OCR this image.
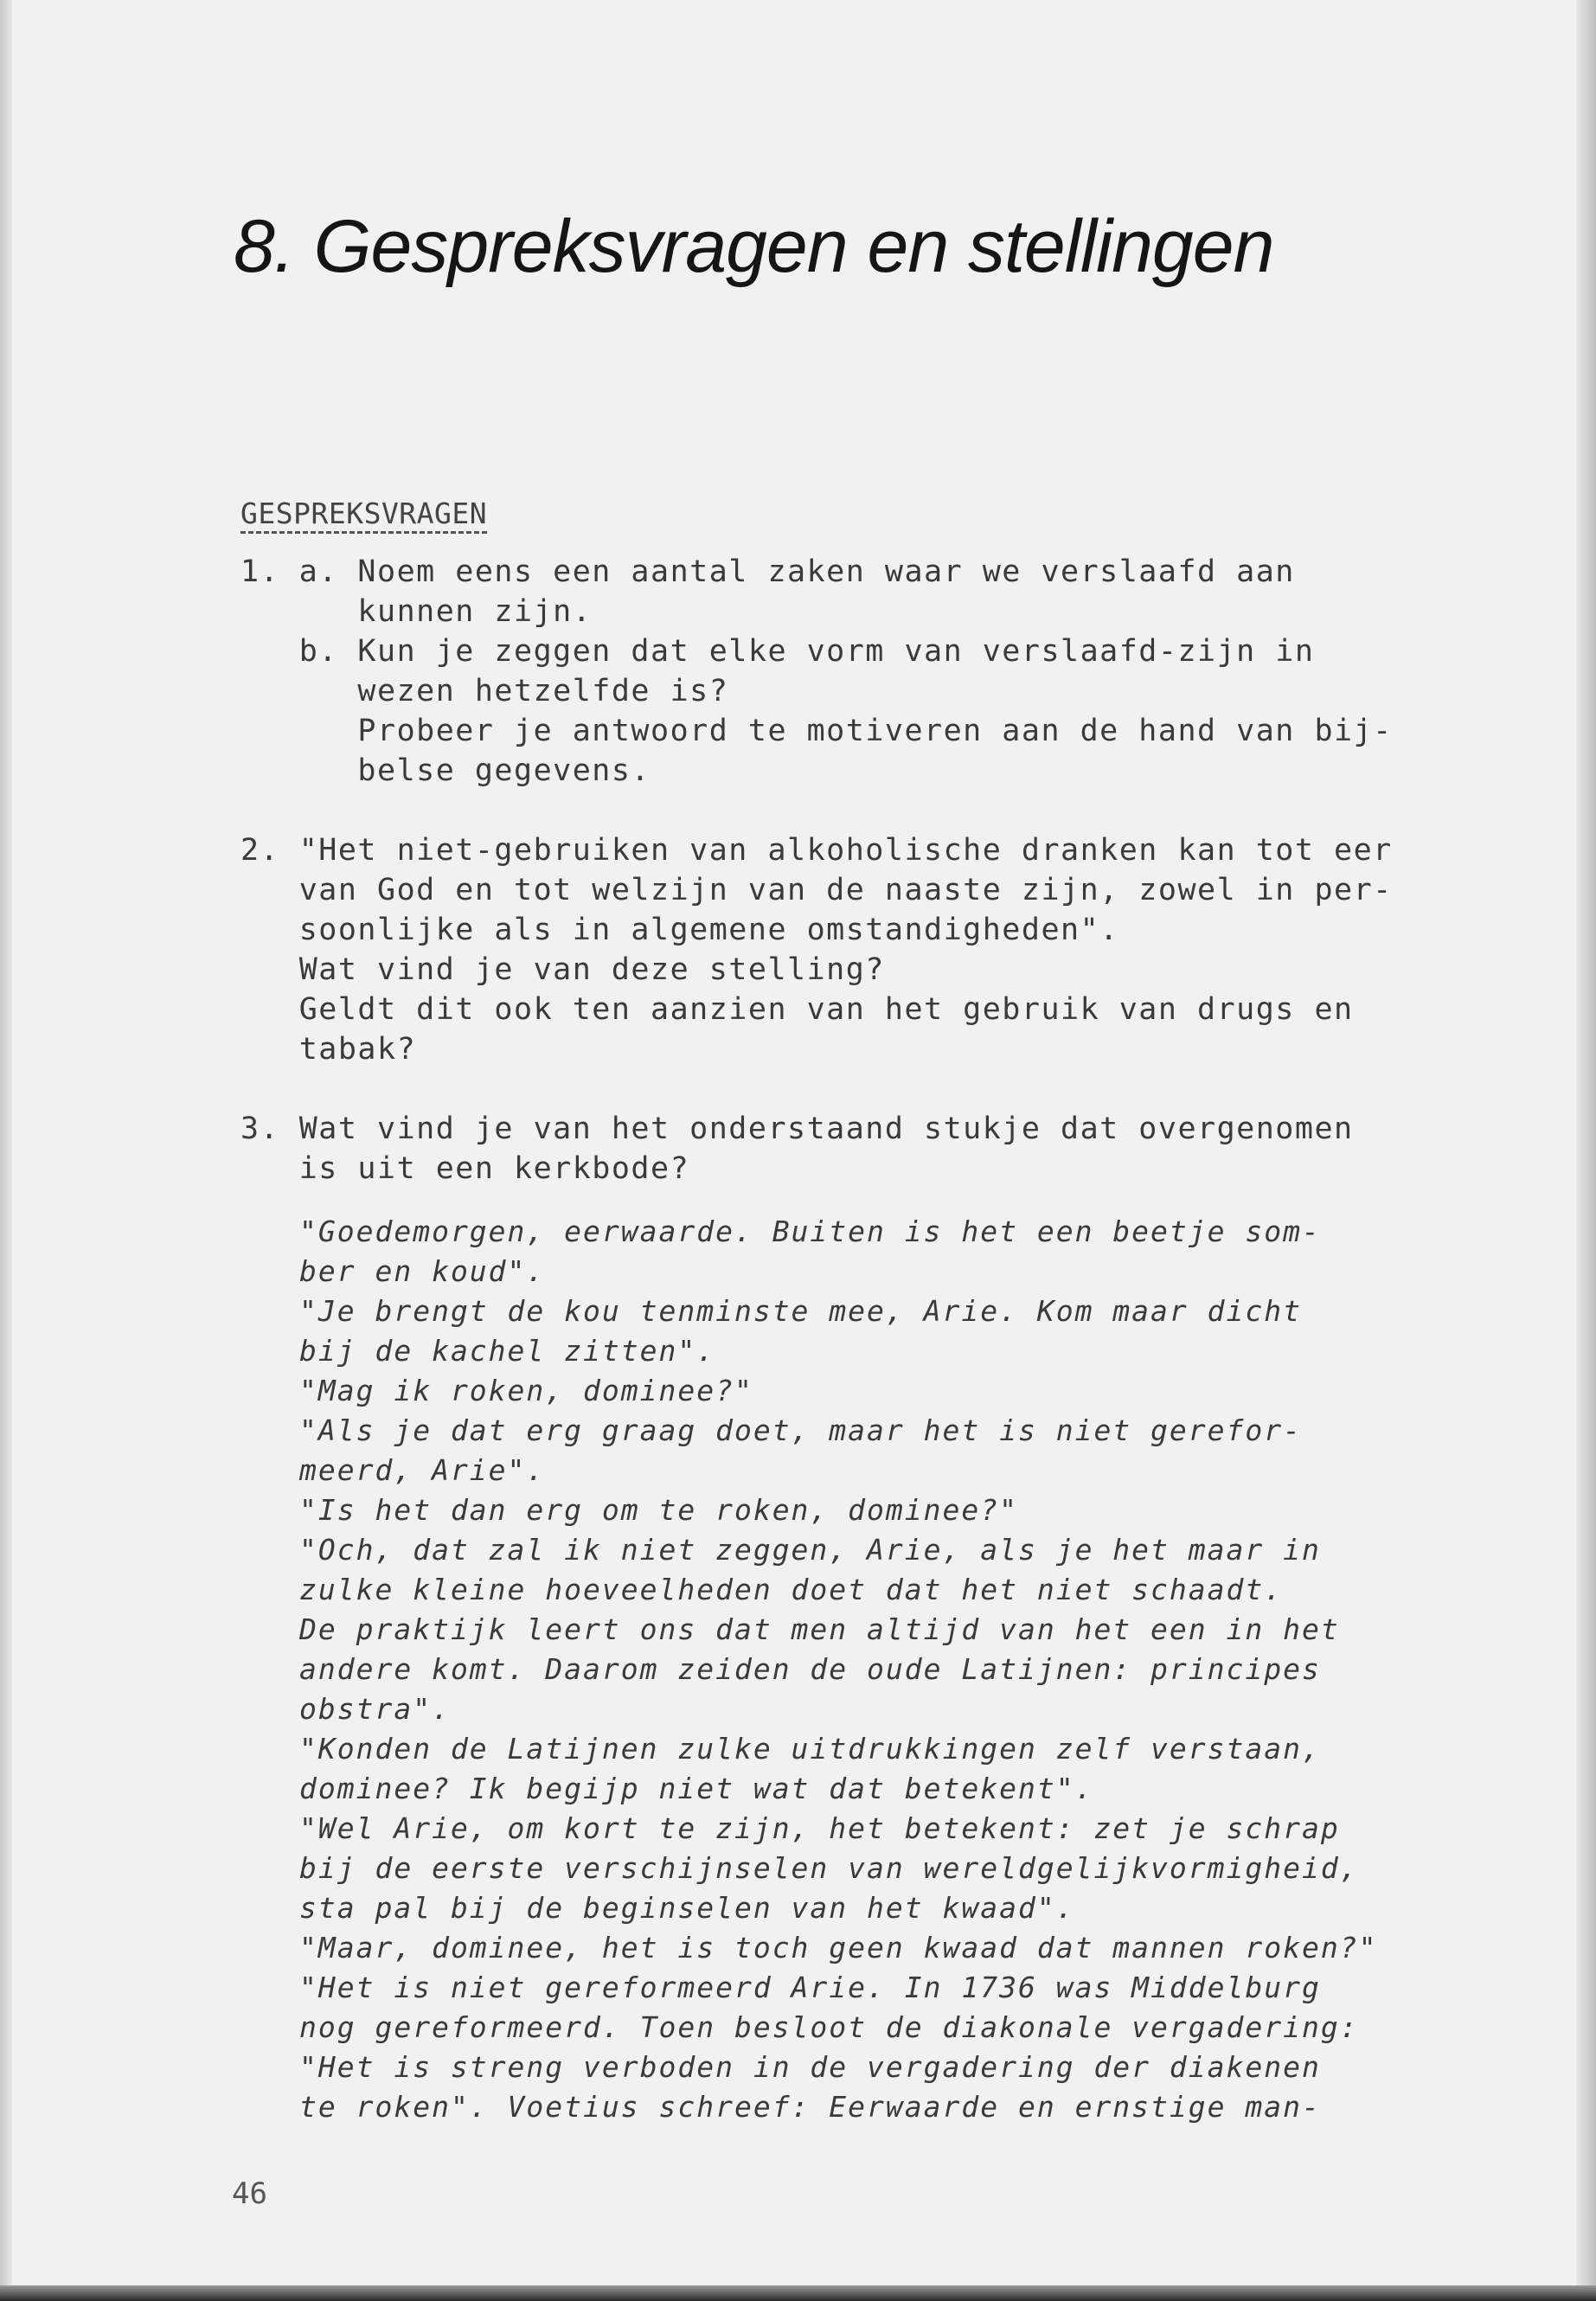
8. Gespreksvragen en stellingen
GESPREKSVRAGEN
1. a. Noem eens een aantal zaken waar we verslaafd aan
kunnen zijn.
b. Kun je zeggen dat elke vorm van verslaafd-zijn in
wezen hetzelfde is?
Probeer je antwoord te motiveren aan de hand van bij-
belse gegevens.
2. "Het niet-gebruiken van alkoholische dranken kan tot eer
van God en tot welzijn van de naaste zijn, zowel in per-
soonlijke als in algemene omstandigheden".
Wat vind je van deze stelling?
Geldt dit ook ten aanzien van het gebruik van drugs en
tabak?
3. Wat vind je van het onderstaand stukje dat overgenomen
is uit een kerkbode?
"Goedemorgen, eerwaarde. Buiten is het een beetje som-
ber en koud".
"Je brengt de kou tenminste mee, Arie. Kom maar dicht
bij de kachel zitten".
"Mag ik roken, dominee?"
"Als je dat erg graag doet, maar het is niet gerefor-
meerd, Arie".
"Is het dan erg om te roken, dominee?"
"Och, dat zal ik niet zeggen, Arie, als je het maar in
zulke kleine hoeveelheden doet dat het niet schaadt.
De praktijk leert ons dat men altijd van het een in het
andere komt. Daarom zeiden de oude Latijnen: principes
obstra".
"Konden de Latijnen zulke uitdrukkingen zelf verstaan,
dominee? Ik begijp niet wat dat betekent".
"Wel Arie, om kort te zijn, het betekent: zet je schrap
bij de eerste verschijnselen van wereldgelijkvormigheid,
sta pal bij de beginselen van het kwaad".
"Maar, dominee, het is toch geen kwaad dat mannen roken?"
"Het is niet gereformeerd Arie. In 1736 was Middelburg
nog gereformeerd. Toen besloot de diakonale vergadering:
"Het is streng verboden in de vergadering der diakenen
te roken". Voetius schreef: Eerwaarde en ernstige man-
46
